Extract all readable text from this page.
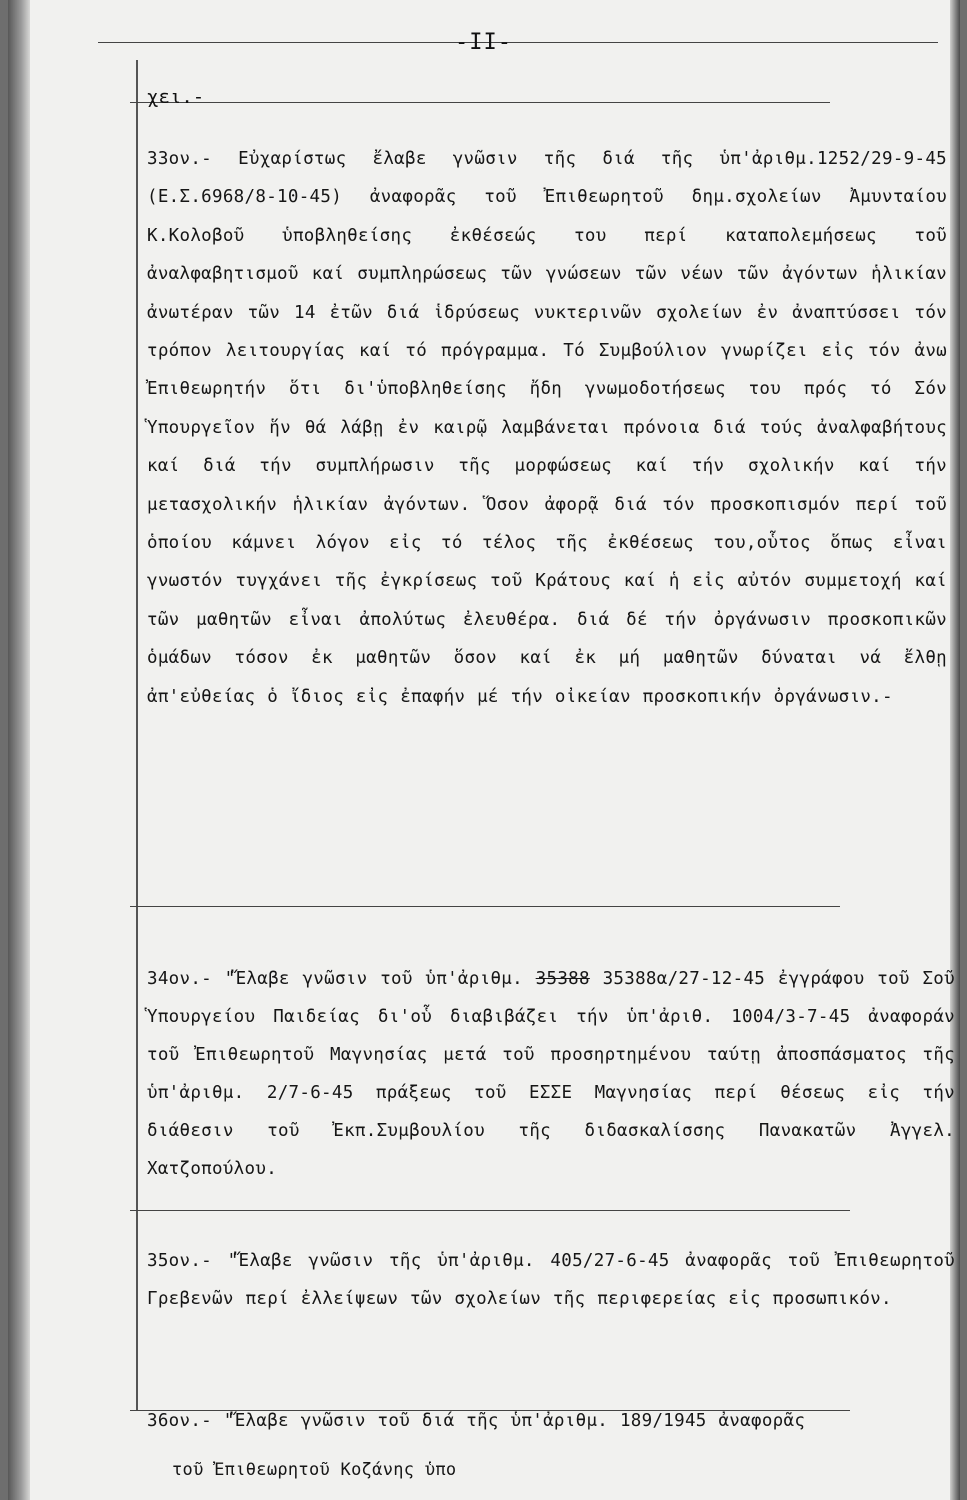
-II-
χει.-
33ον.- Εὐχαρίστως ἔλαβε γνῶσιν τῆς διά τῆς ὑπ'ἀριθμ.1252/29-9-45 (Ε.Σ.6968/8-10-45) ἀναφορᾶς τοῦ Ἐπιθεωρητοῦ δημ.σχολείων Ἀμυνταίου Κ.Κολοβοῦ ὑποβληθείσης ἐκθέσεώς του περί καταπολεμήσεως τοῦ ἀναλφαβητισμοῦ καί συμπληρώσεως τῶν γνώσεων τῶν νέων τῶν ἀγόντων ἡλικίαν ἀνωτέραν τῶν 14 ἐτῶν διά ἱδρύσεως νυκτερινῶν σχολείων ἐν ἀναπτύσσει τόν τρόπον λειτουργίας καί τό πρόγραμμα. Τό Συμβούλιον γνωρίζει εἰς τόν ἀνω Ἐπιθεωρητήν ὅτι δι'ὑποβληθείσης ἤδη γνωμοδοτήσεως του πρός τό Σόν Ὑπουργεῖον ἥν θά λάβῃ ἐν καιρῷ λαμβάνεται πρόνοια διά τούς ἀναλφαβήτους καί διά τήν συμπλήρωσιν τῆς μορφώσεως καί τήν σχολικήν καί τήν μετασχολικήν ἡλικίαν ἀγόντων. Ὅσον ἀφορᾷ διά τόν προσκοπισμόν περί τοῦ ὁποίου κάμνει λόγον εἰς τό τέλος τῆς ἐκθέσεως του,οὗτος ὅπως εἶναι γνωστόν τυγχάνει τῆς ἐγκρίσεως τοῦ Κράτους καί ἡ εἰς αὐτόν συμμετοχή καί τῶν μαθητῶν εἶναι ἀπολύτως ἐλευθέρα. διά δέ τήν ὀργάνωσιν προσκοπικῶν ὁμάδων τόσον ἐκ μαθητῶν ὅσον καί ἐκ μή μαθητῶν δύναται νά ἔλθῃ ἀπ'εὐθείας ὁ ἴδιος εἰς ἐπαφήν μέ τήν οἰκείαν προσκοπικήν ὀργάνωσιν.-
34ον.- "Ἔλαβε γνῶσιν τοῦ ὑπ'ἀριθμ. 35388 35388α/27-12-45 ἐγγράφου τοῦ Σοῦ Ὑπουργείου Παιδείας δι'οὗ διαβιβάζει τήν ὑπ'ἀριθ. 1004/3-7-45 ἀναφοράν τοῦ Ἐπιθεωρητοῦ Μαγνησίας μετά τοῦ προσηρτημένου ταύτῃ ἀποσπάσματος τῆς ὑπ'ἀριθμ. 2/7-6-45 πράξεως τοῦ ΕΣΣΕ Μαγνησίας περί θέσεως εἰς τήν διάθεσιν τοῦ Ἐκπ.Συμβουλίου τῆς διδασκαλίσσης Πανακατῶν Ἀγγελ. Χατζοπούλου.
35ον.- "Ἔλαβε γνῶσιν τῆς ὑπ'ἀριθμ. 405/27-6-45 ἀναφορᾶς τοῦ Ἐπιθεωρητοῦ Γρεβενῶν περί ἐλλείψεων τῶν σχολείων τῆς περιφερείας εἰς προσωπικόν.
36ον.- "Ἔλαβε γνῶσιν τοῦ διά τῆς ὑπ'ἀριθμ. 189/1945 ἀναφορᾶς
τοῦ Ἐπιθεωρητοῦ Κοζάνης ὑπο
